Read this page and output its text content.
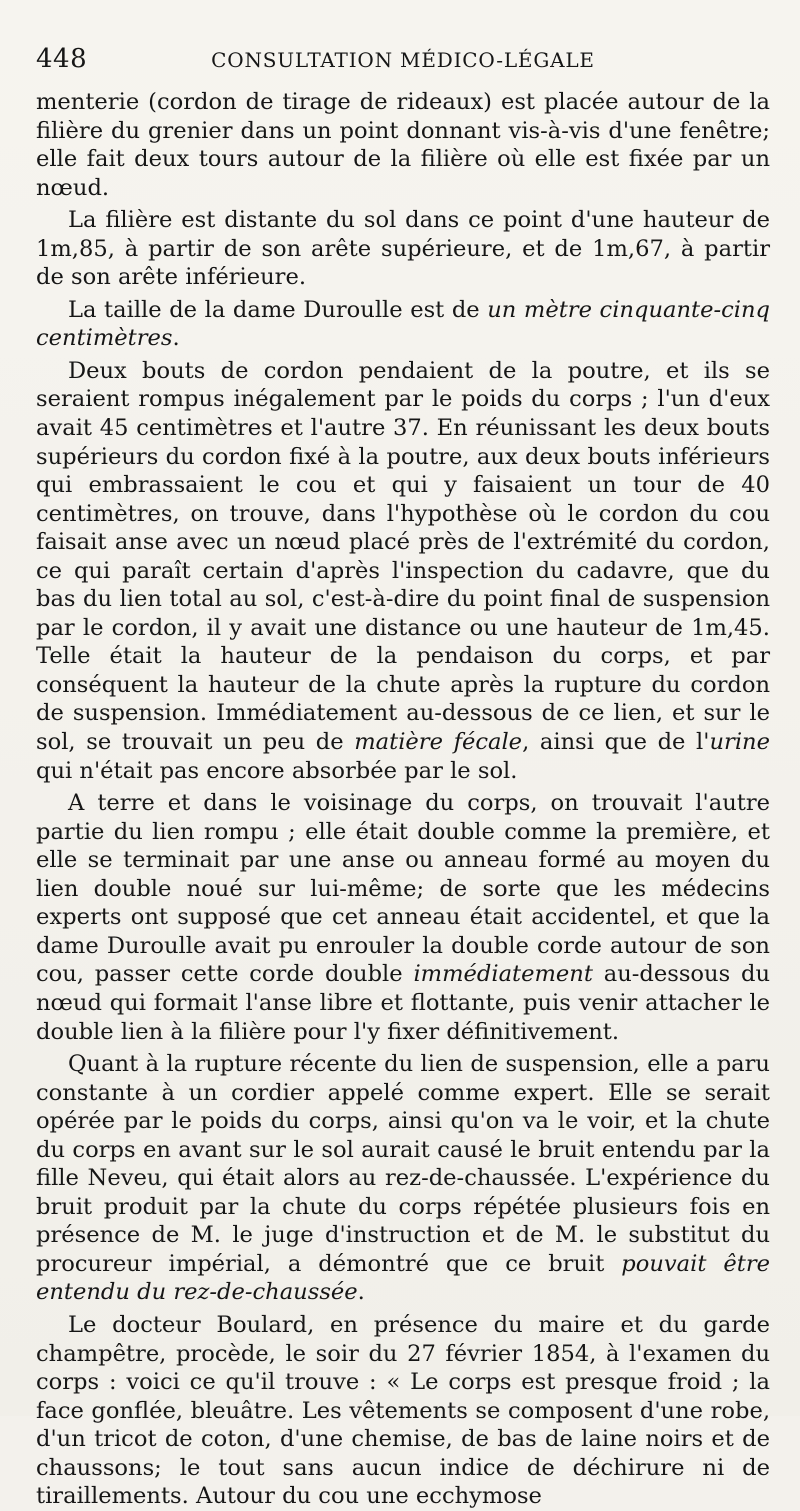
448	CONSULTATION MÉDICO-LÉGALE

menterie (cordon de tirage de rideaux) est placée autour de la filière du grenier dans un point donnant vis-à-vis d'une fenêtre; elle fait deux tours autour de la filière où elle est fixée par un nœud.

La filière est distante du sol dans ce point d'une hauteur de 1m,85, à partir de son arête supérieure, et de 1m,67, à partir de son arête inférieure.

La taille de la dame Duroulle est de un mètre cinquante-cinq centimètres.

Deux bouts de cordon pendaient de la poutre, et ils se seraient rompus inégalement par le poids du corps ; l'un d'eux avait 45 centimètres et l'autre 37. En réunissant les deux bouts supérieurs du cordon fixé à la poutre, aux deux bouts inférieurs qui embrassaient le cou et qui y faisaient un tour de 40 centimètres, on trouve, dans l'hypothèse où le cordon du cou faisait anse avec un nœud placé près de l'extrémité du cordon, ce qui paraît certain d'après l'inspection du cadavre, que du bas du lien total au sol, c'est-à-dire du point final de suspension par le cordon, il y avait une distance ou une hauteur de 1m,45. Telle était la hauteur de la pendaison du corps, et par conséquent la hauteur de la chute après la rupture du cordon de suspension. Immédiatement au-dessous de ce lien, et sur le sol, se trouvait un peu de matière fécale, ainsi que de l'urine qui n'était pas encore absorbée par le sol.

A terre et dans le voisinage du corps, on trouvait l'autre partie du lien rompu ; elle était double comme la première, et elle se terminait par une anse ou anneau formé au moyen du lien double noué sur lui-même; de sorte que les médecins experts ont supposé que cet anneau était accidentel, et que la dame Duroulle avait pu enrouler la double corde autour de son cou, passer cette corde double immédiatement au-dessous du nœud qui formait l'anse libre et flottante, puis venir attacher le double lien à la filière pour l'y fixer définitivement.

Quant à la rupture récente du lien de suspension, elle a paru constante à un cordier appelé comme expert. Elle se serait opérée par le poids du corps, ainsi qu'on va le voir, et la chute du corps en avant sur le sol aurait causé le bruit entendu par la fille Neveu, qui était alors au rez-de-chaussée. L'expérience du bruit produit par la chute du corps répétée plusieurs fois en présence de M. le juge d'instruction et de M. le substitut du procureur impérial, a démontré que ce bruit pouvait être entendu du rez-de-chaussée.

Le docteur Boulard, en présence du maire et du garde champêtre, procède, le soir du 27 février 1854, à l'examen du corps : voici ce qu'il trouve : « Le corps est presque froid ; la face gonflée, bleuâtre. Les vêtements se composent d'une robe, d'un tricot de coton, d'une chemise, de bas de laine noirs et de chaussons; le tout sans aucun indice de déchirure ni de tiraillements. Autour du cou une ecchymose
